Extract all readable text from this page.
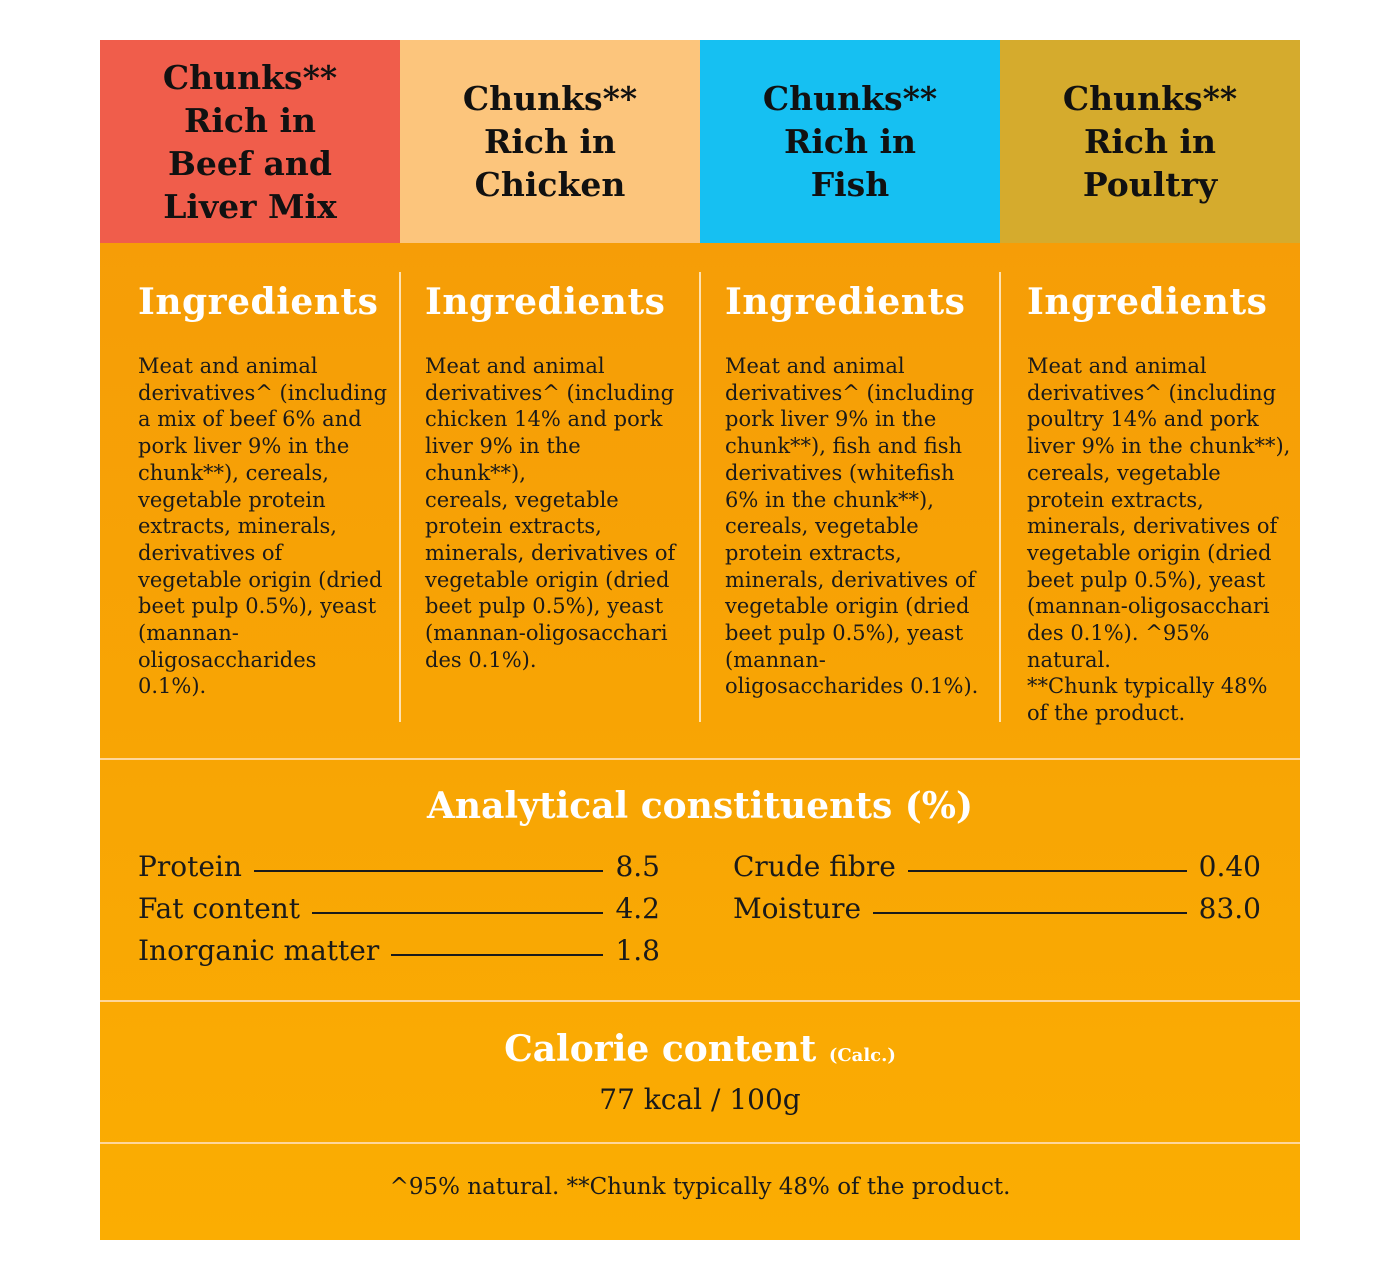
Chunks**
Rich in
Beef and
Liver Mix
Chunks**
Rich in
Chicken
Chunks**
Rich in
Fish
Chunks**
Rich in
Poultry
Ingredients
Meat and animal
derivatives^ (including
a mix of beef 6% and
pork liver 9% in the
chunk**), cereals,
vegetable protein
extracts, minerals,
derivatives of
vegetable origin (dried
beet pulp 0.5%), yeast
(mannan-
oligosaccharides 0.1%).
Ingredients
Meat and animal
derivatives^ (including
chicken 14% and pork
liver 9% in the chunk**),
cereals, vegetable
protein extracts,
minerals, derivatives of
vegetable origin (dried
beet pulp 0.5%), yeast
(mannan-oligosacchari
des 0.1%).
Ingredients
Meat and animal
derivatives^ (including
pork liver 9% in the
chunk**), fish and fish
derivatives (whitefish
6% in the chunk**),
cereals, vegetable
protein extracts,
minerals, derivatives of
vegetable origin (dried
beet pulp 0.5%), yeast
(mannan-
oligosaccharides 0.1%).
Ingredients
Meat and animal
derivatives^ (including
poultry 14% and pork
liver 9% in the chunk**),
cereals, vegetable
protein extracts,
minerals, derivatives of
vegetable origin (dried
beet pulp 0.5%), yeast
(mannan-oligosacchari
des 0.1%). ^95% natural.
**Chunk typically 48%
of the product.
Analytical constituents (%)
Protein	8.5
Fat content	4.2
Inorganic matter	1.8
Crude fibre	0.40
Moisture	83.0
Calorie content (Calc.)
77 kcal / 100g
^95% natural. **Chunk typically 48% of the product.
